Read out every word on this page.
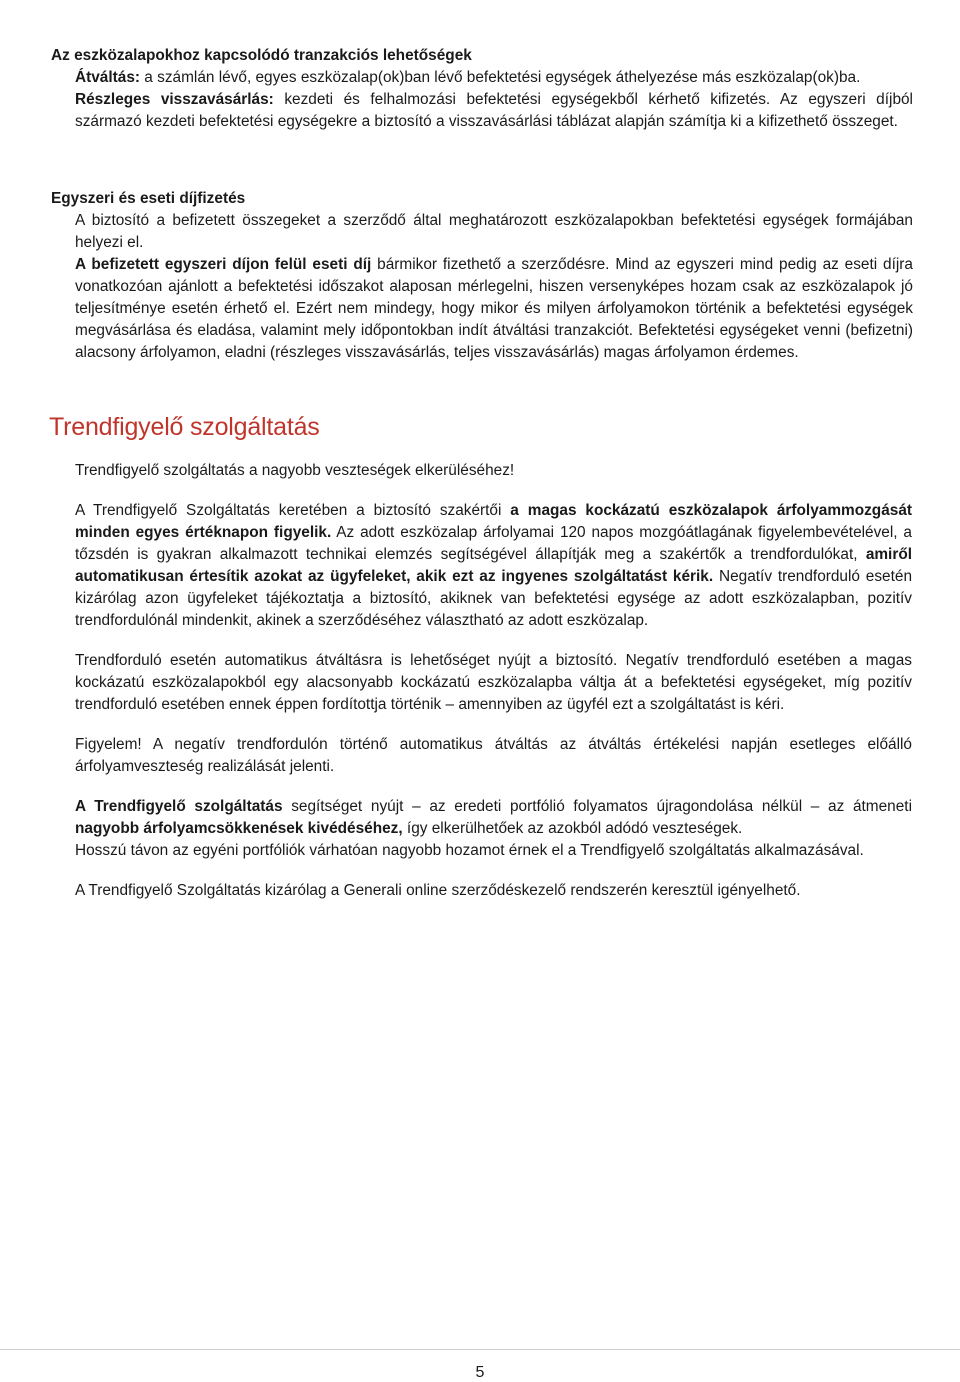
Az eszközalapokhoz kapcsolódó tranzakciós lehetőségek

Átváltás: a számlán lévő, egyes eszközalap(ok)ban lévő befektetési egységek áthelyezése más eszközalap(ok)ba.

Részleges visszavásárlás: kezdeti és felhalmozási befektetési egységekből kérhető kifizetés. Az egyszeri díjból származó kezdeti befektetési egységekre a biztosító a visszavásárlási táblázat alapján számítja ki a kifizethető összeget.

Egyszeri és eseti díjfizetés

A biztosító a befizetett összegeket a szerződő által meghatározott eszközalapokban befektetési egységek formájában helyezi el.

A befizetett egyszeri díjon felül eseti díj bármikor fizethető a szerződésre. Mind az egyszeri mind pedig az eseti díjra vonatkozóan ajánlott a befektetési időszakot alaposan mérlegelni, hiszen versenyképes hozam csak az eszközalapok jó teljesítménye esetén érhető el. Ezért nem mindegy, hogy mikor és milyen árfolyamokon történik a befektetési egységek megvásárlása és eladása, valamint mely időpontokban indít átváltási tranzakciót. Befektetési egységeket venni (befizetni) alacsony árfolyamon, eladni (részleges visszavásárlás, teljes visszavásárlás) magas árfolyamon érdemes.

Trendfigyelő szolgáltatás

Trendfigyelő szolgáltatás a nagyobb veszteségek elkerüléséhez!

A Trendfigyelő Szolgáltatás keretében a biztosító szakértői a magas kockázatú eszközalapok árfolyammozgását minden egyes értéknapon figyelik. Az adott eszközalap árfolyamai 120 napos mozgóátlagának figyelembevételével, a tőzsdén is gyakran alkalmazott technikai elemzés segítségével állapítják meg a szakértők a trendfordulókat, amiről automatikusan értesítik azokat az ügyfeleket, akik ezt az ingyenes szolgáltatást kérik. Negatív trendforduló esetén kizárólag azon ügyfeleket tájékoztatja a biztosító, akiknek van befektetési egysége az adott eszközalapban, pozitív trendfordulónál mindenkit, akinek a szerződéséhez választható az adott eszközalap.

Trendforduló esetén automatikus átváltásra is lehetőséget nyújt a biztosító. Negatív trendforduló esetében a magas kockázatú eszközalapokból egy alacsonyabb kockázatú eszközalapba váltja át a befektetési egységeket, míg pozitív trendforduló esetében ennek éppen fordítottja történik – amennyiben az ügyfél ezt a szolgáltatást is kéri.

Figyelem! A negatív trendfordulón történő automatikus átváltás az átváltás értékelési napján esetleges előálló árfolyamveszteség realizálását jelenti.

A Trendfigyelő szolgáltatás segítséget nyújt – az eredeti portfólió folyamatos újragondolása nélkül – az átmeneti nagyobb árfolyamcsökkenések kivédéséhez, így elkerülhetőek az azokból adódó veszteségek.

Hosszú távon az egyéni portfóliók várhatóan nagyobb hozamot érnek el a Trendfigyelő szolgáltatás alkalmazásával.

A Trendfigyelő Szolgáltatás kizárólag a Generali online szerződéskezelő rendszerén keresztül igényelhető.

5
